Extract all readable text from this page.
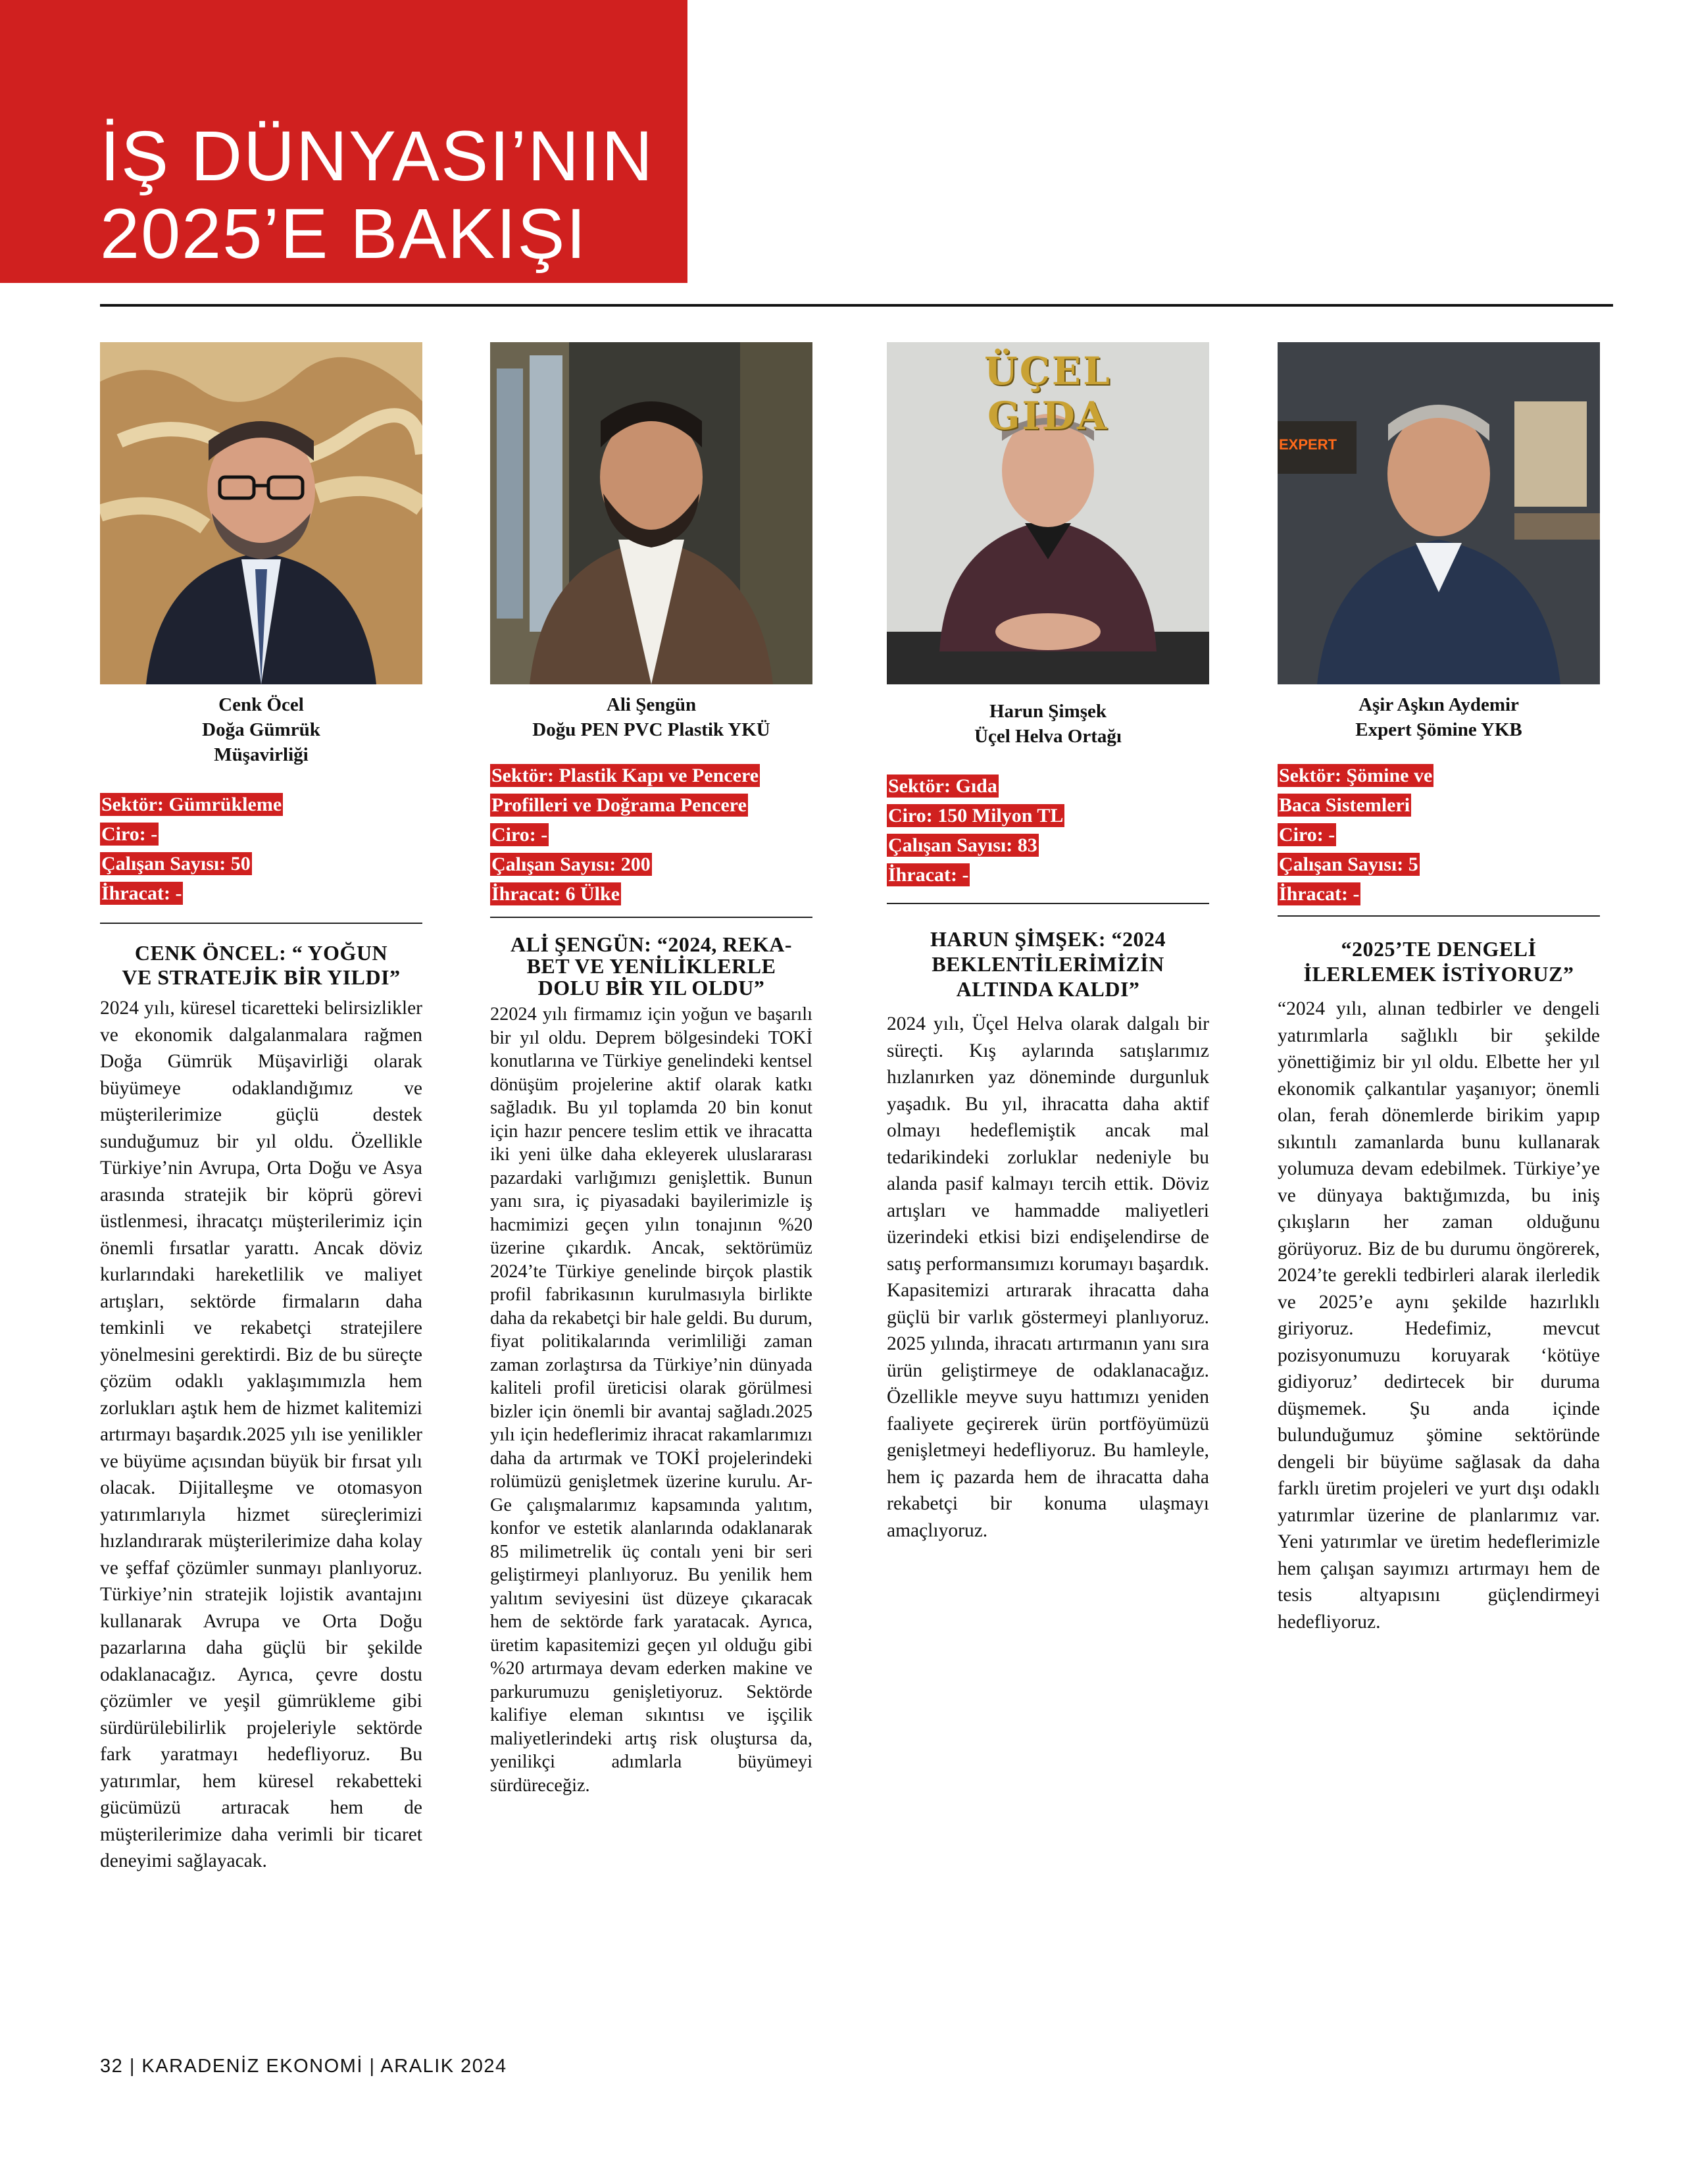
İŞ DÜNYASI’NIN
2025’E BAKIŞI
Cenk Öcel
Doğa Gümrük
Müşavirliği
Sektör: Gümrükleme
Ciro: -
Çalışan Sayısı: 50
İhracat: -
CENK ÖNCEL: “ YOĞUN
VE STRATEJİK BİR YILDI”
2024 yılı, küresel ticaretteki belirsizlikler ve ekonomik dalgalanmalara rağmen Doğa Gümrük Müşavirliği olarak büyümeye odaklandığımız ve müşterilerimize güçlü destek sunduğumuz bir yıl oldu. Özellikle Türkiye’nin Avrupa, Orta Doğu ve Asya arasında stratejik bir köprü görevi üstlenmesi, ihracatçı müşterilerimiz için önemli fırsatlar yarattı. Ancak döviz kurlarındaki hareketlilik ve maliyet artışları, sektörde firmaların daha temkinli ve rekabetçi stratejilere yönelmesini gerektirdi. Biz de bu süreçte çözüm odaklı yaklaşımımızla hem zorlukları aştık hem de hizmet kalitemizi artırmayı başardık.2025 yılı ise yenilikler ve büyüme açısından büyük bir fırsat yılı olacak. Dijitalleşme ve otomasyon yatırımlarıyla hizmet süreçlerimizi hızlandırarak müşterilerimize daha kolay ve şeffaf çözümler sunmayı planlıyoruz. Türkiye’nin stratejik lojistik avantajını kullanarak Avrupa ve Orta Doğu pazarlarına daha güçlü bir şekilde odaklanacağız. Ayrıca, çevre dostu çözümler ve yeşil gümrükleme gibi sürdürülebilirlik projeleriyle sektörde fark yaratmayı hedefliyoruz. Bu yatırımlar, hem küresel rekabetteki gücümüzü artıracak hem de müşterilerimize daha verimli bir ticaret deneyimi sağlayacak.
Ali Şengün
Doğu PEN PVC Plastik YKÜ
Sektör: Plastik Kapı ve Pencere
Profilleri ve Doğrama Pencere
Ciro: -
Çalışan Sayısı: 200
İhracat: 6 Ülke
ALİ ŞENGÜN: “2024, REKA-
BET VE YENİLİKLERLE
DOLU BİR YIL OLDU”
22024 yılı firmamız için yoğun ve başarılı bir yıl oldu. Deprem bölgesindeki TOKİ konutlarına ve Türkiye genelindeki kentsel dönüşüm projelerine aktif olarak katkı sağladık. Bu yıl toplamda 20 bin konut için hazır pencere teslim ettik ve ihracatta iki yeni ülke daha ekleyerek uluslararası pazardaki varlığımızı genişlettik. Bunun yanı sıra, iç piyasadaki bayilerimizle iş hacmimizi geçen yılın tonajının %20 üzerine çıkardık. Ancak, sektörümüz 2024’te Türkiye genelinde birçok plastik profil fabrikasının kurulmasıyla birlikte daha da rekabetçi bir hale geldi. Bu durum, fiyat politikalarında verimliliği zaman zaman zorlaştırsa da Türkiye’nin dünyada kaliteli profil üreticisi olarak görülmesi bizler için önemli bir avantaj sağladı.2025 yılı için hedeflerimiz ihracat rakamlarımızı daha da artırmak ve TOKİ projelerindeki rolümüzü genişletmek üzerine kurulu. Ar-Ge çalışmalarımız kapsamında yalıtım, konfor ve estetik alanlarında odaklanarak 85 milimetrelik üç contalı yeni bir seri geliştirmeyi planlıyoruz. Bu yenilik hem yalıtım seviyesini üst düzeye çıkaracak hem de sektörde fark yaratacak. Ayrıca, üretim kapasitemizi geçen yıl olduğu gibi %20 artırmaya devam ederken makine ve parkurumuzu genişletiyoruz. Sektörde kalifiye eleman sıkıntısı ve işçilik maliyetlerindeki artış risk oluştursa da, yenilikçi adımlarla büyümeyi sürdüreceğiz.
ÜÇEL GIDA
Harun Şimşek
Üçel Helva Ortağı
Sektör: Gıda
Ciro: 150 Milyon TL
Çalışan Sayısı: 83
İhracat: -
HARUN ŞİMŞEK: “2024
BEKLENTİLERİMİZİN
ALTINDA KALDI”
2024 yılı, Üçel Helva olarak dalgalı bir süreçti. Kış aylarında satışlarımız hızlanırken yaz döneminde durgunluk yaşadık. Bu yıl, ihracatta daha aktif olmayı hedeflemiştik ancak mal tedarikindeki zorluklar nedeniyle bu alanda pasif kalmayı tercih ettik. Döviz artışları ve hammadde maliyetleri üzerindeki etkisi bizi endişelendirse de satış performansımızı korumayı başardık. Kapasitemizi artırarak ihracatta daha güçlü bir varlık göstermeyi planlıyoruz. 2025 yılında, ihracatı artırmanın yanı sıra ürün geliştirmeye de odaklanacağız. Özellikle meyve suyu hattımızı yeniden faaliyete geçirerek ürün portföyümüzü genişletmeyi hedefliyoruz. Bu hamleyle, hem iç pazarda hem de ihracatta daha rekabetçi bir konuma ulaşmayı amaçlıyoruz.
EXPERT
Aşir Aşkın Aydemir
Expert Şömine YKB
Sektör: Şömine ve
Baca Sistemleri
Ciro: -
Çalışan Sayısı: 5
İhracat: -
“2025’TE DENGELİ
İLERLEMEK İSTİYORUZ”
“2024 yılı, alınan tedbirler ve dengeli yatırımlarla sağlıklı bir şekilde yönettiğimiz bir yıl oldu. Elbette her yıl ekonomik çalkantılar yaşanıyor; önemli olan, ferah dönemlerde birikim yapıp sıkıntılı zamanlarda bunu kullanarak yolumuza devam edebilmek. Türkiye’ye ve dünyaya baktığımızda, bu iniş çıkışların her zaman olduğunu görüyoruz. Biz de bu durumu öngörerek, 2024’te gerekli tedbirleri alarak ilerledik ve 2025’e aynı şekilde hazırlıklı giriyoruz. Hedefimiz, mevcut pozisyonumuzu koruyarak ‘kötüye gidiyoruz’ dedirtecek bir duruma düşmemek. Şu anda içinde bulunduğumuz şömine sektöründe dengeli bir büyüme sağlasak da daha farklı üretim projeleri ve yurt dışı odaklı yatırımlar üzerine de planlarımız var. Yeni yatırımlar ve üretim hedeflerimizle hem çalışan sayımızı artırmayı hem de tesis altyapısını güçlendirmeyi hedefliyoruz.
32 | KARADENİZ EKONOMİ | ARALIK 2024
